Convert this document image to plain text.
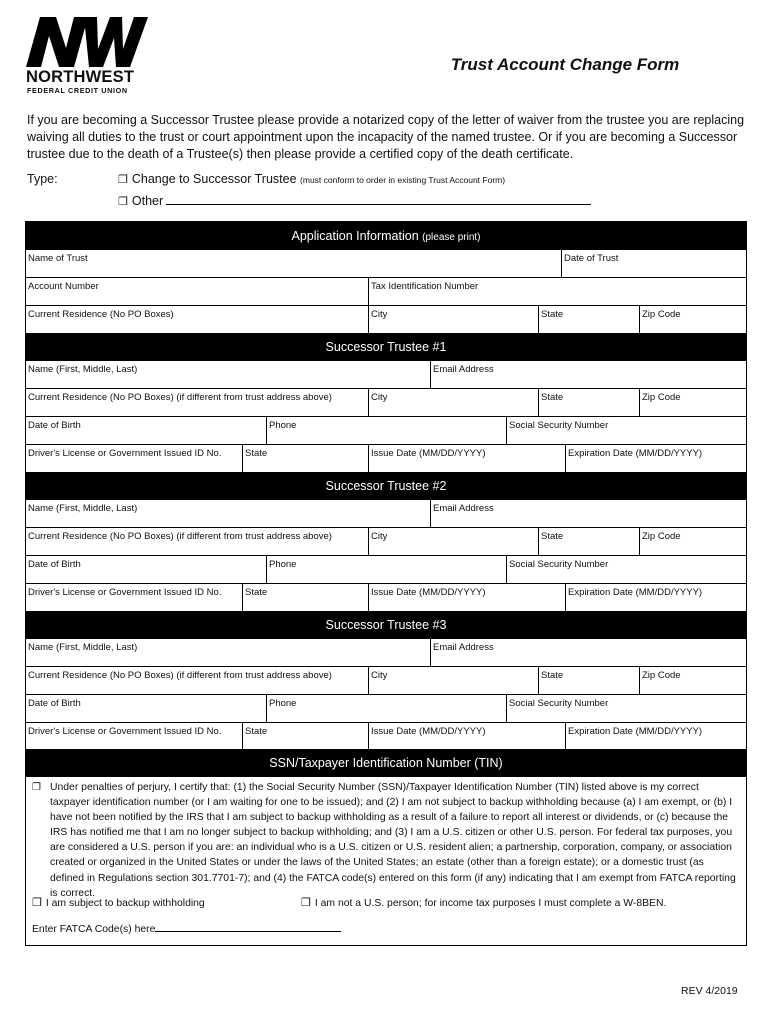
NORTHWEST
FEDERAL CREDIT UNION
Trust Account Change Form
If you are becoming a Successor Trustee please provide a notarized copy of the letter of waiver from the trustee you are replacing waiving all duties to the trust or court appointment upon the incapacity of the named trustee. Or if you are becoming a Successor trustee due to the death of a Trustee(s) then please provide a certified copy of the death certificate.
Type:	❐ Change to Successor Trustee (must conform to order in existing Trust Account Form)
❐ Other
Application Information (please print)
Name of Trust	Date of Trust
Account Number	Tax Identification Number
Current Residence (No PO Boxes)	City	State	Zip Code
Successor Trustee #1
Name (First, Middle, Last)	Email Address
Current Residence (No PO Boxes) (if different from trust address above)	City	State	Zip Code
Date of Birth	Phone	Social Security Number
Driver's License or Government Issued ID No.	State	Issue Date (MM/DD/YYYY)	Expiration Date (MM/DD/YYYY)
Successor Trustee #2
Name (First, Middle, Last)	Email Address
Current Residence (No PO Boxes) (if different from trust address above)	City	State	Zip Code
Date of Birth	Phone	Social Security Number
Driver's License or Government Issued ID No.	State	Issue Date (MM/DD/YYYY)	Expiration Date (MM/DD/YYYY)
Successor Trustee #3
Name (First, Middle, Last)	Email Address
Current Residence (No PO Boxes) (if different from trust address above)	City	State	Zip Code
Date of Birth	Phone	Social Security Number
Driver's License or Government Issued ID No.	State	Issue Date (MM/DD/YYYY)	Expiration Date (MM/DD/YYYY)
SSN/Taxpayer Identification Number (TIN)
❐ Under penalties of perjury, I certify that: (1) the Social Security Number (SSN)/Taxpayer Identification Number (TIN) listed above is my correct taxpayer identification number (or I am waiting for one to be issued); and (2) I am not subject to backup withholding because (a) I am exempt, or (b) I have not been notified by the IRS that I am subject to backup withholding as a result of a failure to report all interest or dividends, or (c) because the IRS has notified me that I am no longer subject to backup withholding; and (3) I am a U.S. citizen or other U.S. person. For federal tax purposes, you are considered a U.S. person if you are: an individual who is a U.S. citizen or U.S. resident alien; a partnership, corporation, company, or association created or organized in the United States or under the laws of the United States; an estate (other than a foreign estate); or a domestic trust (as defined in Regulations section 301.7701-7); and (4) the FATCA code(s) entered on this form (if any) indicating that I am exempt from FATCA reporting is correct.
❐ I am subject to backup withholding	❐ I am not a U.S. person; for income tax purposes I must complete a W-8BEN.
Enter FATCA Code(s) here
REV 4/2019
